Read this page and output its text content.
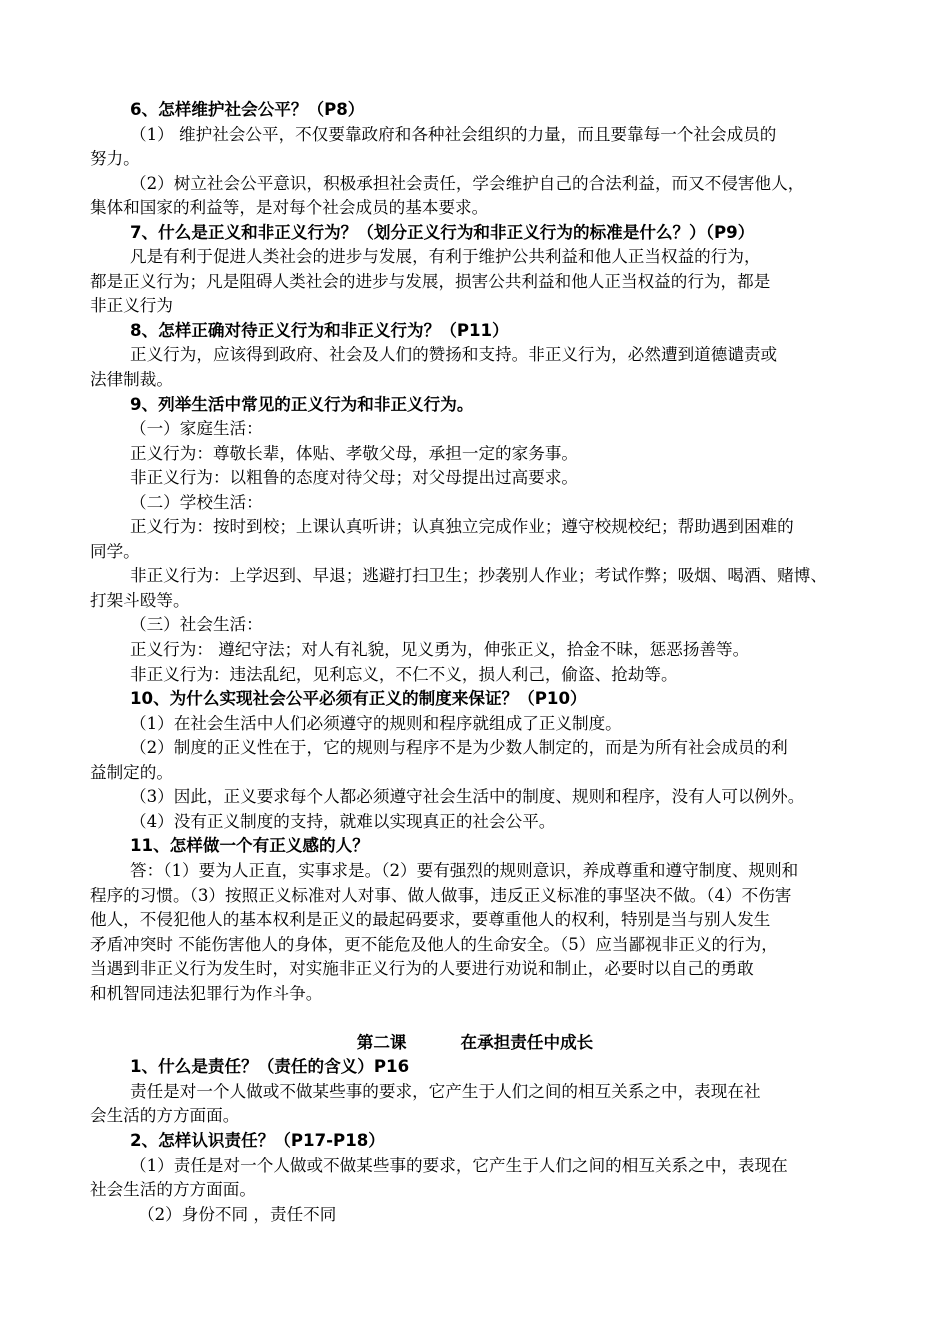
6、怎样维护社会公平？（P8）
（1） 维护社会公平，不仅要靠政府和各种社会组织的力量，而且要靠每一个社会成员的
努力。
（2）树立社会公平意识，积极承担社会责任，学会维护自己的合法利益，而又不侵害他人，
集体和国家的利益等，是对每个社会成员的基本要求。
7、什么是正义和非正义行为？（划分正义行为和非正义行为的标准是什么？）（P9）
凡是有利于促进人类社会的进步与发展，有利于维护公共利益和他人正当权益的行为，
都是正义行为；凡是阻碍人类社会的进步与发展，损害公共利益和他人正当权益的行为，都是
非正义行为
8、怎样正确对待正义行为和非正义行为？（P11）
正义行为，应该得到政府、社会及人们的赞扬和支持。非正义行为，必然遭到道德谴责或
法律制裁。
9、列举生活中常见的正义行为和非正义行为。
（一）家庭生活：
正义行为：尊敬长辈，体贴、孝敬父母，承担一定的家务事。
非正义行为：以粗鲁的态度对待父母；对父母提出过高要求。
（二）学校生活：
正义行为：按时到校；上课认真听讲；认真独立完成作业；遵守校规校纪；帮助遇到困难的
同学。
非正义行为：上学迟到、早退；逃避打扫卫生；抄袭别人作业；考试作弊；吸烟、喝酒、赌博、
打架斗殴等。
（三）社会生活：
正义行为： 遵纪守法；对人有礼貌，见义勇为，伸张正义，拾金不昧，惩恶扬善等。
非正义行为：违法乱纪，见利忘义，不仁不义，损人利己，偷盗、抢劫等。
10、为什么实现社会公平必须有正义的制度来保证？（P10）
（1）在社会生活中人们必须遵守的规则和程序就组成了正义制度。
（2）制度的正义性在于，它的规则与程序不是为少数人制定的，而是为所有社会成员的利
益制定的。
（3）因此，正义要求每个人都必须遵守社会生活中的制度、规则和程序，没有人可以例外。
（4）没有正义制度的支持，就难以实现真正的社会公平。
11、怎样做一个有正义感的人？
答：（1）要为人正直，实事求是。（2）要有强烈的规则意识，养成尊重和遵守制度、规则和
程序的习惯。（3）按照正义标准对人对事、做人做事，违反正义标准的事坚决不做。（4）不伤害
他人，不侵犯他人的基本权利是正义的最起码要求，要尊重他人的权利，特别是当与别人发生
矛盾冲突时 不能伤害他人的身体，更不能危及他人的生命安全。（5）应当鄙视非正义的行为，
当遇到非正义行为发生时，对实施非正义行为的人要进行劝说和制止，必要时以自己的勇敢
和机智同违法犯罪行为作斗争。
第二课	在承担责任中成长
1、什么是责任？（责任的含义）P16
责任是对一个人做或不做某些事的要求，它产生于人们之间的相互关系之中，表现在社
会生活的方方面面。
2、怎样认识责任？（P17-P18）
（1）责任是对一个人做或不做某些事的要求，它产生于人们之间的相互关系之中，表现在
社会生活的方方面面。
（2）身份不同 ，责任不同
